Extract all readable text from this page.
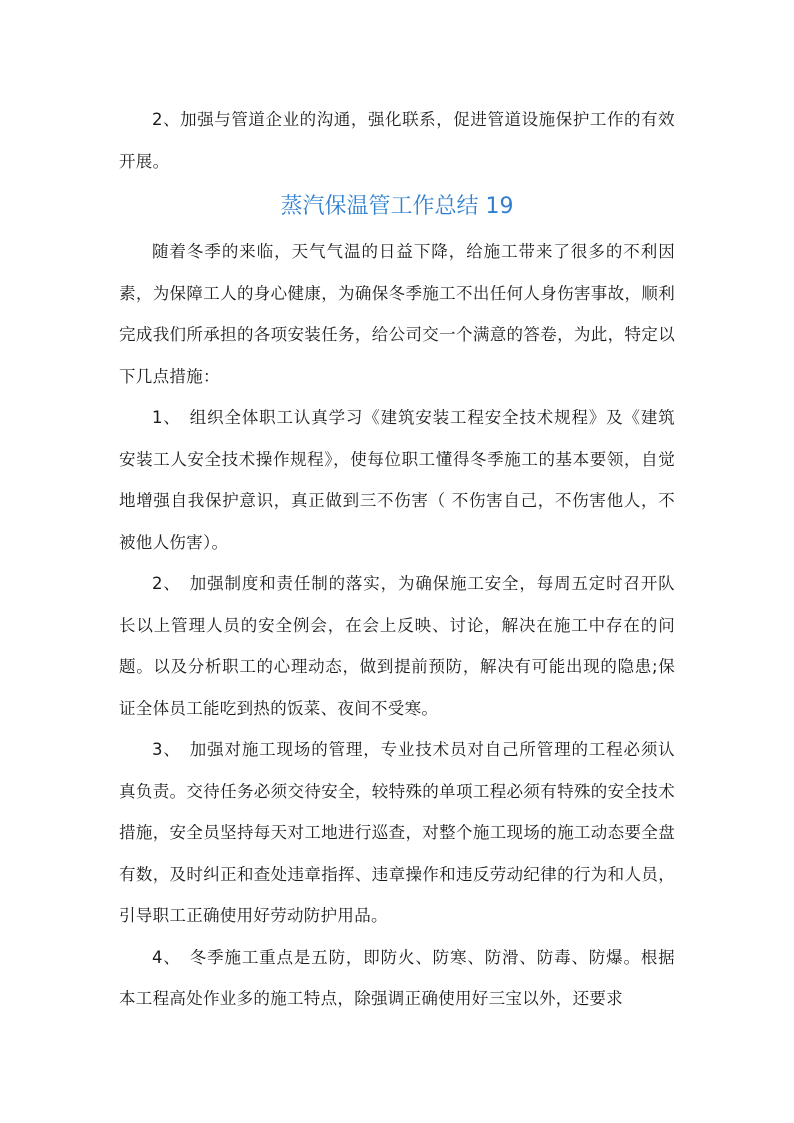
2、加强与管道企业的沟通，强化联系，促进管道设施保护工作的有效开展。

蒸汽保温管工作总结 19

随着冬季的来临，天气气温的日益下降，给施工带来了很多的不利因素，为保障工人的身心健康，为确保冬季施工不出任何人身伤害事故，顺利完成我们所承担的各项安装任务，给公司交一个满意的答卷，为此，特定以下几点措施：

1、　组织全体职工认真学习《建筑安装工程安全技术规程》及《建筑安装工人安全技术操作规程》，使每位职工懂得冬季施工的基本要领，自觉地增强自我保护意识，真正做到三不伤害（ 不伤害自己，不伤害他人，不被他人伤害）。

2、　加强制度和责任制的落实，为确保施工安全，每周五定时召开队长以上管理人员的安全例会，在会上反映、讨论，解决在施工中存在的问题。以及分析职工的心理动态，做到提前预防，解决有可能出现的隐患;保证全体员工能吃到热的饭菜、夜间不受寒。

3、　加强对施工现场的管理，专业技术员对自己所管理的工程必须认真负责。交待任务必须交待安全，较特殊的单项工程必须有特殊的安全技术措施，安全员坚持每天对工地进行巡查，对整个施工现场的施工动态要全盘有数，及时纠正和查处违章指挥、违章操作和违反劳动纪律的行为和人员，引导职工正确使用好劳动防护用品。

4、　冬季施工重点是五防，即防火、防寒、防滑、防毒、防爆。根据本工程高处作业多的施工特点，除强调正确使用好三宝以外，还要求
